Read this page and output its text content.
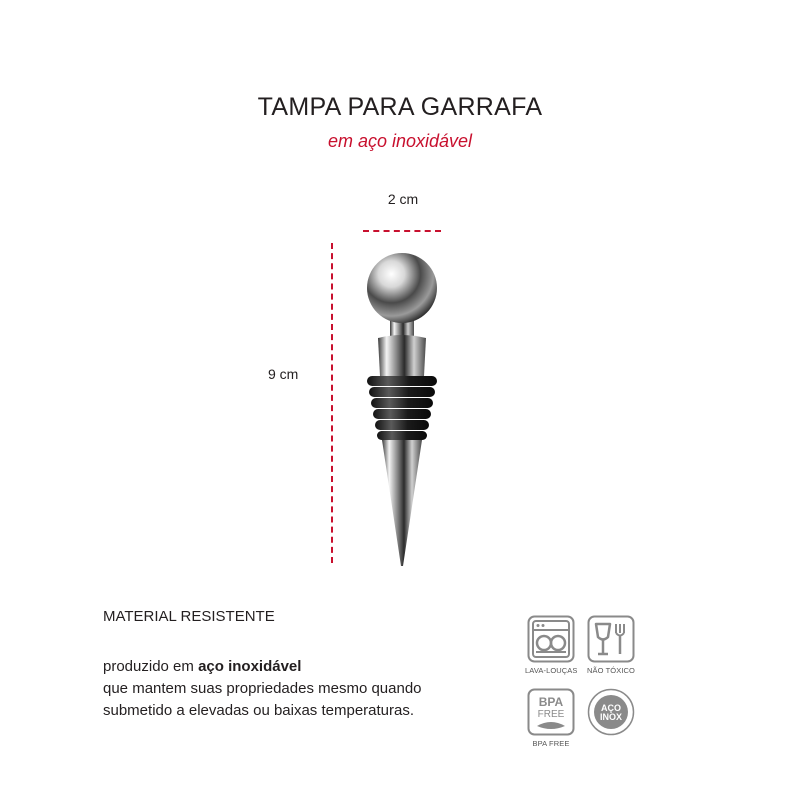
TAMPA PARA GARRAFA
em aço inoxidável
2 cm
9 cm
MATERIAL RESISTENTE
produzido em aço inoxidável
que mantem suas propriedades mesmo quando
submetido a elevadas ou baixas temperaturas.
LAVA-LOUÇAS NÃO TÓXICO
BPA
FREE
BPA FREE
AÇO
INOX
